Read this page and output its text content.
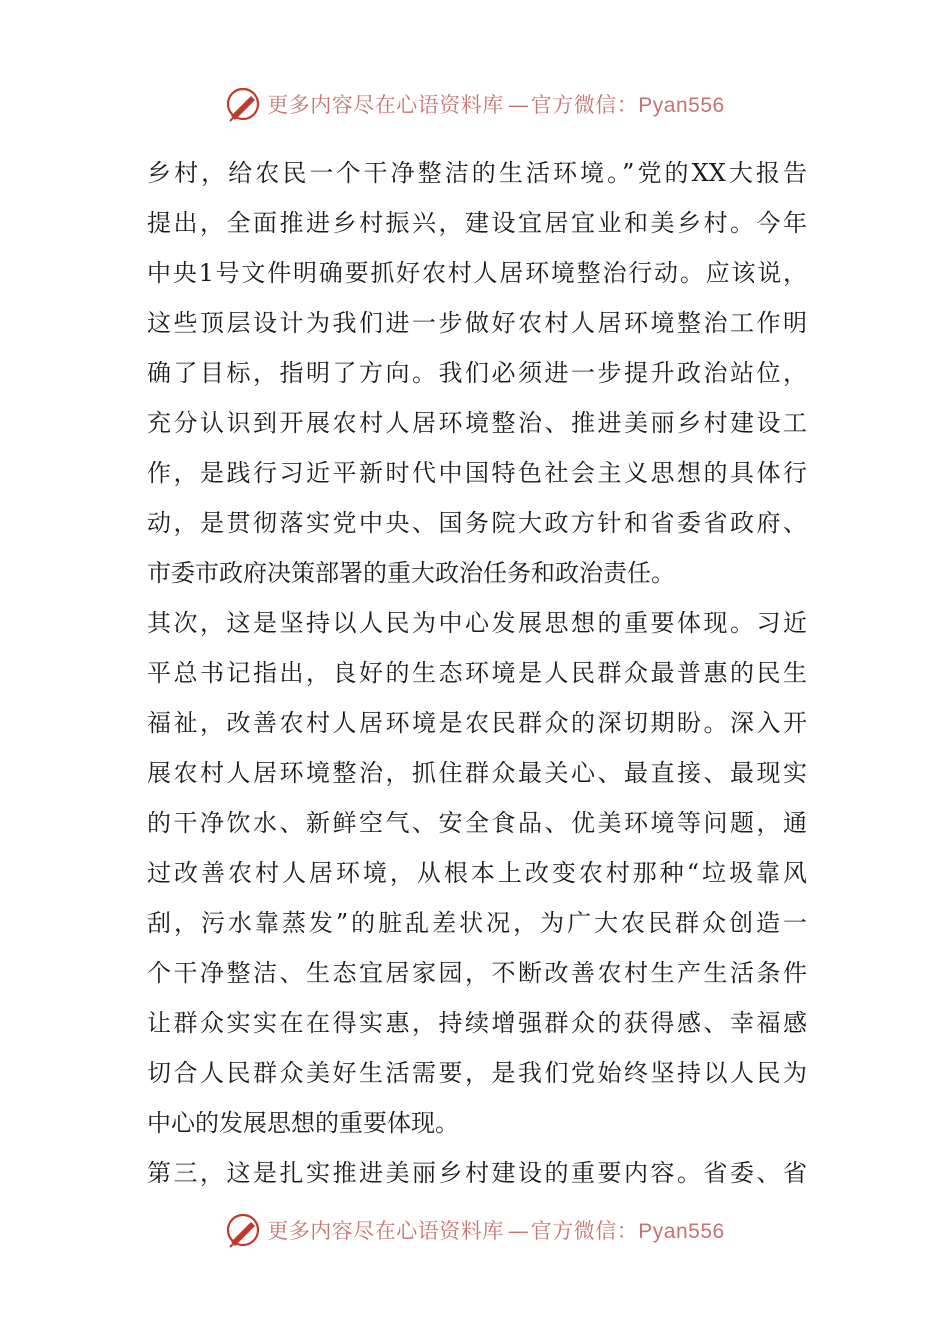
更多内容尽在心语资料库 — 官方微信：Pyan556
乡村，给农民一个干净整洁的生活环境。”党的XX大报告
提出，全面推进乡村振兴，建设宜居宜业和美乡村。今年
中央1号文件明确要抓好农村人居环境整治行动。应该说，
这些顶层设计为我们进一步做好农村人居环境整治工作明
确了目标，指明了方向。我们必须进一步提升政治站位，
充分认识到开展农村人居环境整治、推进美丽乡村建设工
作，是践行习近平新时代中国特色社会主义思想的具体行
动，是贯彻落实党中央、国务院大政方针和省委省政府、
市委市政府决策部署的重大政治任务和政治责任。
其次，这是坚持以人民为中心发展思想的重要体现。习近
平总书记指出，良好的生态环境是人民群众最普惠的民生
福祉，改善农村人居环境是农民群众的深切期盼。深入开
展农村人居环境整治，抓住群众最关心、最直接、最现实
的干净饮水、新鲜空气、安全食品、优美环境等问题，通
过改善农村人居环境，从根本上改变农村那种“垃圾靠风
刮，污水靠蒸发”的脏乱差状况，为广大农民群众创造一
个干净整洁、生态宜居家园，不断改善农村生产生活条件
让群众实实在在得实惠，持续增强群众的获得感、幸福感
切合人民群众美好生活需要，是我们党始终坚持以人民为
中心的发展思想的重要体现。
第三，这是扎实推进美丽乡村建设的重要内容。省委、省
更多内容尽在心语资料库 — 官方微信：Pyan556
